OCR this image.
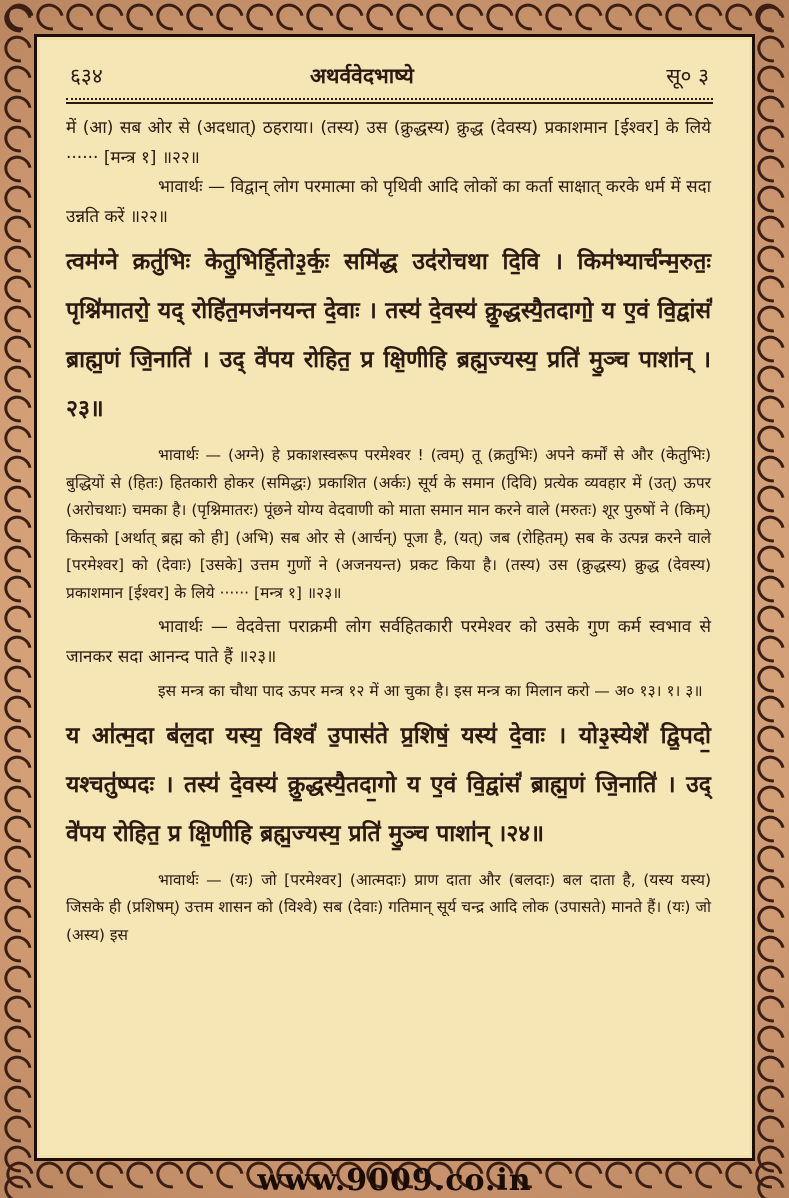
६३४	अथर्ववेदभाष्ये	सू० ३

में (आ) सब ओर से (अदधात्) ठहराया। (तस्य) उस (क्रुद्धस्य) क्रुद्ध (देवस्य) प्रकाशमान [ईश्वर] के लिये ······ [मन्त्र १] ॥२२॥

भावार्थः — विद्वान् लोग परमात्मा को पृथिवी आदि लोकों का कर्ता साक्षात् करके धर्म में सदा उन्नति करें ॥२२॥

त्वम॑ग्ने क्रतु॑भिः केतु॒भिर्हि॒तो३॒र्कः॒ समि॑द्ध उद॑रोचथा दि॒वि । किम॑भ्यार्च॑न्म॒रुतः॒ पृश्नि॑मातरो॒ यद् रोहि॑त॒मज॑नयन्त दे॒वाः । तस्य॑ दे॒वस्य॑ क्रु॒द्धस्यै॒तदागो॒ य ए॒वं वि॒द्वांसं॑ ब्राह्म॒णं जि॒नाति॑ । उद् वे॑पय रोहित॒ प्र क्षि॒णीहि ब्रह्म॒ज्यस्य॒ प्रति॑ मु॒ञ्च पाशा॑न् ।२३॥

भावार्थः — (अग्ने) हे प्रकाशस्वरूप परमेश्वर ! (त्वम्) तू (क्रतुभिः) अपने कर्मों से और (केतुभिः) बुद्धियों से (हितः) हितकारी होकर (समिद्धः) प्रकाशित (अर्कः) सूर्य के समान (दिवि) प्रत्येक व्यवहार में (उत्) ऊपर (अरोचथाः) चमका है। (पृश्निमातरः) पूंछने योग्य वेदवाणी को माता समान मान करने वाले (मरुतः) शूर पुरुषों ने (किम्) किसको [अर्थात् ब्रह्म को ही] (अभि) सब ओर से (आर्चन्) पूजा है, (यत्) जब (रोहितम्) सब के उत्पन्न करने वाले [परमेश्वर] को (देवाः) [उसके] उत्तम गुणों ने (अजनयन्त) प्रकट किया है। (तस्य) उस (क्रुद्धस्य) क्रुद्ध (देवस्य) प्रकाशमान [ईश्वर] के लिये ······ [मन्त्र १] ॥२३॥

भावार्थः — वेदवेत्ता पराक्रमी लोग सर्वहितकारी परमेश्वर को उसके गुण कर्म स्वभाव से जानकर सदा आनन्द पाते हैं ॥२३॥

इस मन्त्र का चौथा पाद ऊपर मन्त्र १२ में आ चुका है। इस मन्त्र का मिलान करो — अ० १३। १। ३॥

य आ॑त्म॒दा ब॑ल॒दा यस्य॒ विश्वं॑ उ॒पास॑ते प्र॒शिषं॒ यस्य॑ दे॒वाः । यो३॒स्येशे॑ द्वि॒पदो॒ यश्चतु॑ष्पदः । तस्य॑ दे॒वस्य॑ क्रु॒द्धस्यै॒तदा॒गो य ए॒वं वि॒द्वांसं॑ ब्राह्म॒णं जि॒नाति॑ । उद् वे॑पय रोहित॒ प्र क्षि॒णीहि ब्रह्म॒ज्यस्य॒ प्रति॑ मु॒ञ्च पाशा॑न् ।२४॥

भावार्थः — (यः) जो [परमेश्वर] (आत्मदाः) प्राण दाता और (बलदाः) बल दाता है, (यस्य यस्य) जिसके ही (प्रशिषम्) उत्तम शासन को (विश्वे) सब (देवाः) गतिमान् सूर्य चन्द्र आदि लोक (उपासते) मानते हैं। (यः) जो (अस्य) इस

www.9009.co.in
